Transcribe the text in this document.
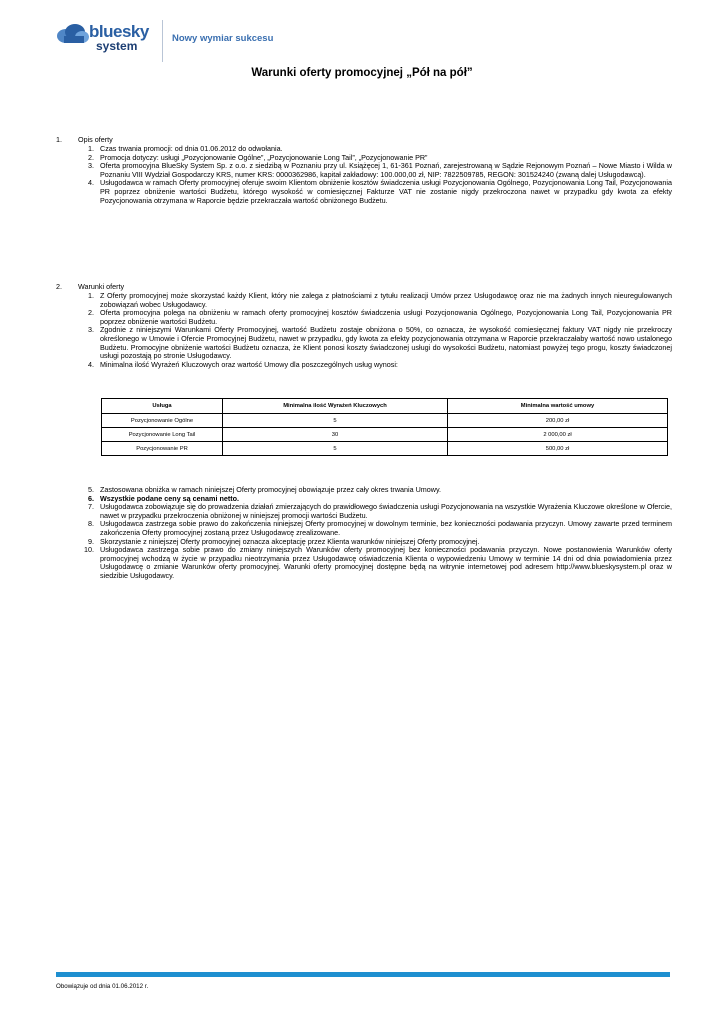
bluesky
system
Nowy wymiar sukcesu
Warunki oferty promocyjnej „Pół na pół”
1. Opis oferty
1. Czas trwania promocji: od dnia 01.06.2012 do odwołania.
2. Promocja dotyczy: usługi „Pozycjonowanie Ogólne”, „Pozycjonowanie Long Tail”, „Pozycjonowanie PR”
3. Oferta promocyjna BlueSky System Sp. z o.o. z siedzibą w Poznaniu przy ul. Książęcej 1, 61-361 Poznań, zarejestrowaną w Sądzie Rejonowym Poznań – Nowe Miasto i Wilda w Poznaniu VIII Wydział Gospodarczy KRS, numer KRS: 0000362986, kapitał zakładowy: 100.000,00 zł, NIP: 7822509785, REGON: 301524240 (zwaną dalej Usługodawcą).
4. Usługodawca w ramach Oferty promocyjnej oferuje swoim Klientom obniżenie kosztów świadczenia usługi Pozycjonowania Ogólnego, Pozycjonowania Long Tail, Pozycjonowania PR poprzez obniżenie wartości Budżetu, którego wysokość w comiesięcznej Fakturze VAT nie zostanie nigdy przekroczona nawet w przypadku gdy kwota za efekty Pozycjonowania otrzymana w Raporcie będzie przekraczała wartość obniżonego Budżetu.
2. Warunki oferty
1. Z Oferty promocyjnej może skorzystać każdy Klient, który nie zalega z płatnościami z tytułu realizacji Umów przez Usługodawcę oraz nie ma żadnych innych nieuregulowanych zobowiązań wobec Usługodawcy.
2. Oferta promocyjna polega na obniżeniu w ramach oferty promocyjnej kosztów świadczenia usługi Pozycjonowania Ogólnego, Pozycjonowania Long Tail, Pozycjonowania PR poprzez obniżenie wartości Budżetu.
3. Zgodnie z niniejszymi Warunkami Oferty Promocyjnej, wartość Budżetu zostaje obniżona o 50%, co oznacza, że wysokość comiesięcznej faktury VAT nigdy nie przekroczy określonego w Umowie i Ofercie Promocyjnej Budżetu, nawet w przypadku, gdy kwota za efekty pozycjonowania otrzymana w Raporcie przekraczałaby wartość nowo ustalonego Budżetu. Promocyjne obniżenie wartości Budżetu oznacza, że Klient ponosi koszty świadczonej usługi do wysokości Budżetu, natomiast powyżej tego progu, koszty świadczonej usługi pozostają po stronie Usługodawcy.
4. Minimalna ilość Wyrażeń Kluczowych oraz wartość Umowy dla poszczególnych usług wynosi:
Usługa	Minimalna ilość Wyrażeń Kluczowych	Minimalna wartość umowy
Pozycjonowanie Ogólne	5	200,00 zł
Pozycjonowanie Long Tail	30	2 000,00 zł
Pozycjonowanie PR	5	500,00 zł
5. Zastosowana obniżka w ramach niniejszej Oferty promocyjnej obowiązuje przez cały okres trwania Umowy.
6. Wszystkie podane ceny są cenami netto.
7. Usługodawca zobowiązuje się do prowadzenia działań zmierzających do prawidłowego świadczenia usługi Pozycjonowania na wszystkie Wyrażenia Kluczowe określone w Ofercie, nawet w przypadku przekroczenia obniżonej w niniejszej promocji wartości Budżetu.
8. Usługodawca zastrzega sobie prawo do zakończenia niniejszej Oferty promocyjnej w dowolnym terminie, bez konieczności podawania przyczyn. Umowy zawarte przed terminem zakończenia Oferty promocyjnej zostaną przez Usługodawcę zrealizowane.
9. Skorzystanie z niniejszej Oferty promocyjnej oznacza akceptację przez Klienta warunków niniejszej Oferty promocyjnej.
10. Usługodawca zastrzega sobie prawo do zmiany niniejszych Warunków oferty promocyjnej bez konieczności podawania przyczyn. Nowe postanowienia Warunków oferty promocyjnej wchodzą w życie w przypadku nieotrzymania przez Usługodawcę oświadczenia Klienta o wypowiedzeniu Umowy w terminie 14 dni od dnia powiadomienia przez Usługodawcę o zmianie Warunków oferty promocyjnej. Warunki oferty promocyjnej dostępne będą na witrynie internetowej pod adresem http://www.blueskysystem.pl oraz w siedzibie Usługodawcy.
Obowiązuje od dnia 01.06.2012 r.
